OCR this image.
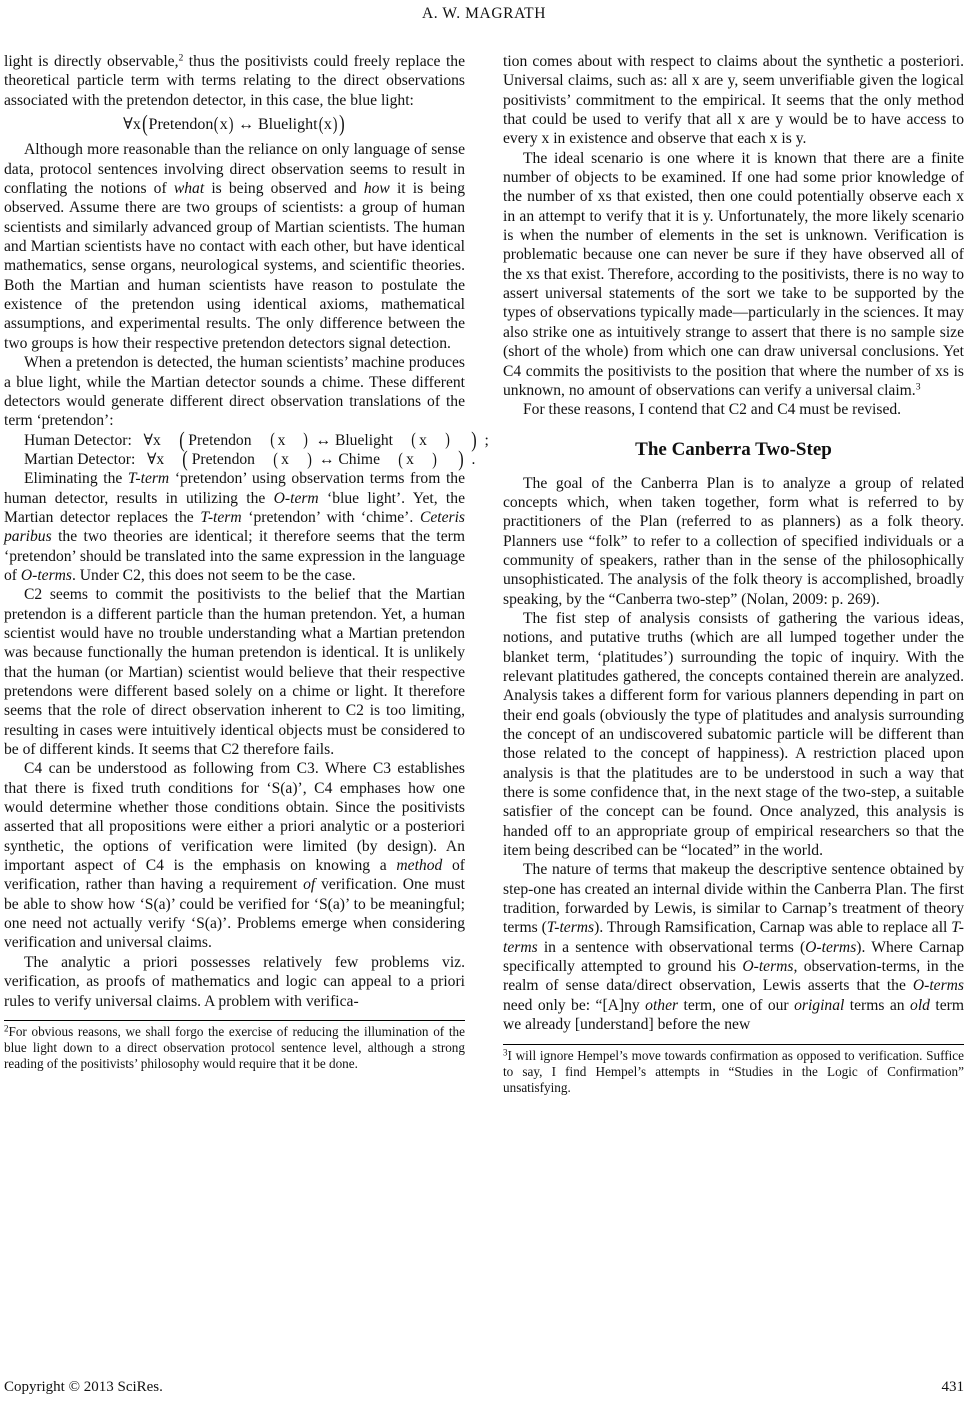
A. W. MAGRATH

light is directly observable,$^2$ thus the positivists could freely replace the theoretical particle term with terms relating to the direct observations associated with the pretendon detector, in this case, the blue light:

∀x(Pretendon(x) ↔ Bluelight(x))

Although more reasonable than the reliance on only language of sense data, protocol sentences involving direct observation seems to result in conflating the notions of what is being observed and how it is being observed. Assume there are two groups of scientists: a group of human scientists and similarly advanced group of Martian scientists. The human and Martian scientists have no contact with each other, but have identical mathematics, sense organs, neurological systems, and scientific theories. Both the Martian and human scientists have reason to postulate the existence of the pretendon using identical axioms, mathematical assumptions, and experimental results. The only difference between the two groups is how their respective pretendon detectors signal detection.

When a pretendon is detected, the human scientists’ machine produces a blue light, while the Martian detector sounds a chime. These different detectors would generate different direct observation translations of the term ‘pretendon’:

Human Detector: ∀x ( Pretendon ( x ) ↔ Bluelight ( x ) ) ;
Martian Detector: ∀x ( Pretendon ( x ) ↔ Chime ( x ) ) .

Eliminating the T-term ‘pretendon’ using observation terms from the human detector, results in utilizing the O-term ‘blue light’. Yet, the Martian detector replaces the T-term ‘pretendon’ with ‘chime’. Ceteris paribus the two theories are identical; it therefore seems that the term ‘pretendon’ should be translated into the same expression in the language of O-terms. Under C2, this does not seem to be the case.

C2 seems to commit the positivists to the belief that the Martian pretendon is a different particle than the human pretendon. Yet, a human scientist would have no trouble understanding what a Martian pretendon was because functionally the human pretendon is identical. It is unlikely that the human (or Martian) scientist would believe that their respective pretendons were different based solely on a chime or light. It therefore seems that the role of direct observation inherent to C2 is too limiting, resulting in cases were intuitively identical objects must be considered to be of different kinds. It seems that C2 therefore fails.

C4 can be understood as following from C3. Where C3 establishes that there is fixed truth conditions for ‘S(a)’, C4 emphases how one would determine whether those conditions obtain. Since the positivists asserted that all propositions were either a priori analytic or a posteriori synthetic, the options of verification were limited (by design). An important aspect of C4 is the emphasis on knowing a method of verification, rather than having a requirement of verification. One must be able to show how ‘S(a)’ could be verified for ‘S(a)’ to be meaningful; one need not actually verify ‘S(a)’. Problems emerge when considering verification and universal claims.

The analytic a priori possesses relatively few problems viz. verification, as proofs of mathematics and logic can appeal to a priori rules to verify universal claims. A problem with verifica-

$^2$For obvious reasons, we shall forgo the exercise of reducing the illumination of the blue light down to a direct observation protocol sentence level, although a strong reading of the positivists’ philosophy would require that it be done.

tion comes about with respect to claims about the synthetic a posteriori. Universal claims, such as: all x are y, seem unverifiable given the logical positivists’ commitment to the empirical. It seems that the only method that could be used to verify that all x are y would be to have access to every x in existence and observe that each x is y.

The ideal scenario is one where it is known that there are a finite number of objects to be examined. If one had some prior knowledge of the number of xs that existed, then one could potentially observe each x in an attempt to verify that it is y. Unfortunately, the more likely scenario is when the number of elements in the set is unknown. Verification is problematic because one can never be sure if they have observed all of the xs that exist. Therefore, according to the positivists, there is no way to assert universal statements of the sort we take to be supported by the types of observations typically made—particularly in the sciences. It may also strike one as intuitively strange to assert that there is no sample size (short of the whole) from which one can draw universal conclusions. Yet C4 commits the positivists to the position that where the number of xs is unknown, no amount of observations can verify a universal claim.$^3$

For these reasons, I contend that C2 and C4 must be revised.

The Canberra Two-Step

The goal of the Canberra Plan is to analyze a group of related concepts which, when taken together, form what is referred to by practitioners of the Plan (referred to as planners) as a folk theory. Planners use “folk” to refer to a collection of specified individuals or a community of speakers, rather than in the sense of the philosophically unsophisticated. The analysis of the folk theory is accomplished, broadly speaking, by the “Canberra two-step” (Nolan, 2009: p. 269).

The fist step of analysis consists of gathering the various ideas, notions, and putative truths (which are all lumped together under the blanket term, ‘platitudes’) surrounding the topic of inquiry. With the relevant platitudes gathered, the concepts contained therein are analyzed. Analysis takes a different form for various planners depending in part on their end goals (obviously the type of platitudes and analysis surrounding the concept of an undiscovered subatomic particle will be different than those related to the concept of happiness). A restriction placed upon analysis is that the platitudes are to be understood in such a way that there is some confidence that, in the next stage of the two-step, a suitable satisfier of the concept can be found. Once analyzed, this analysis is handed off to an appropriate group of empirical researchers so that the item being described can be “located” in the world.

The nature of terms that makeup the descriptive sentence obtained by step-one has created an internal divide within the Canberra Plan. The first tradition, forwarded by Lewis, is similar to Carnap’s treatment of theory terms (T-terms). Through Ramsification, Carnap was able to replace all T-terms in a sentence with observational terms (O-terms). Where Carnap specifically attempted to ground his O-terms, observation-terms, in the realm of sense data/direct observation, Lewis asserts that the O-terms need only be: “[A]ny other term, one of our original terms an old term we already [understand] before the new

$^3$I will ignore Hempel’s move towards confirmation as opposed to verification. Suffice to say, I find Hempel’s attempts in “Studies in the Logic of Confirmation” unsatisfying.

Copyright © 2013 SciRes.	431
